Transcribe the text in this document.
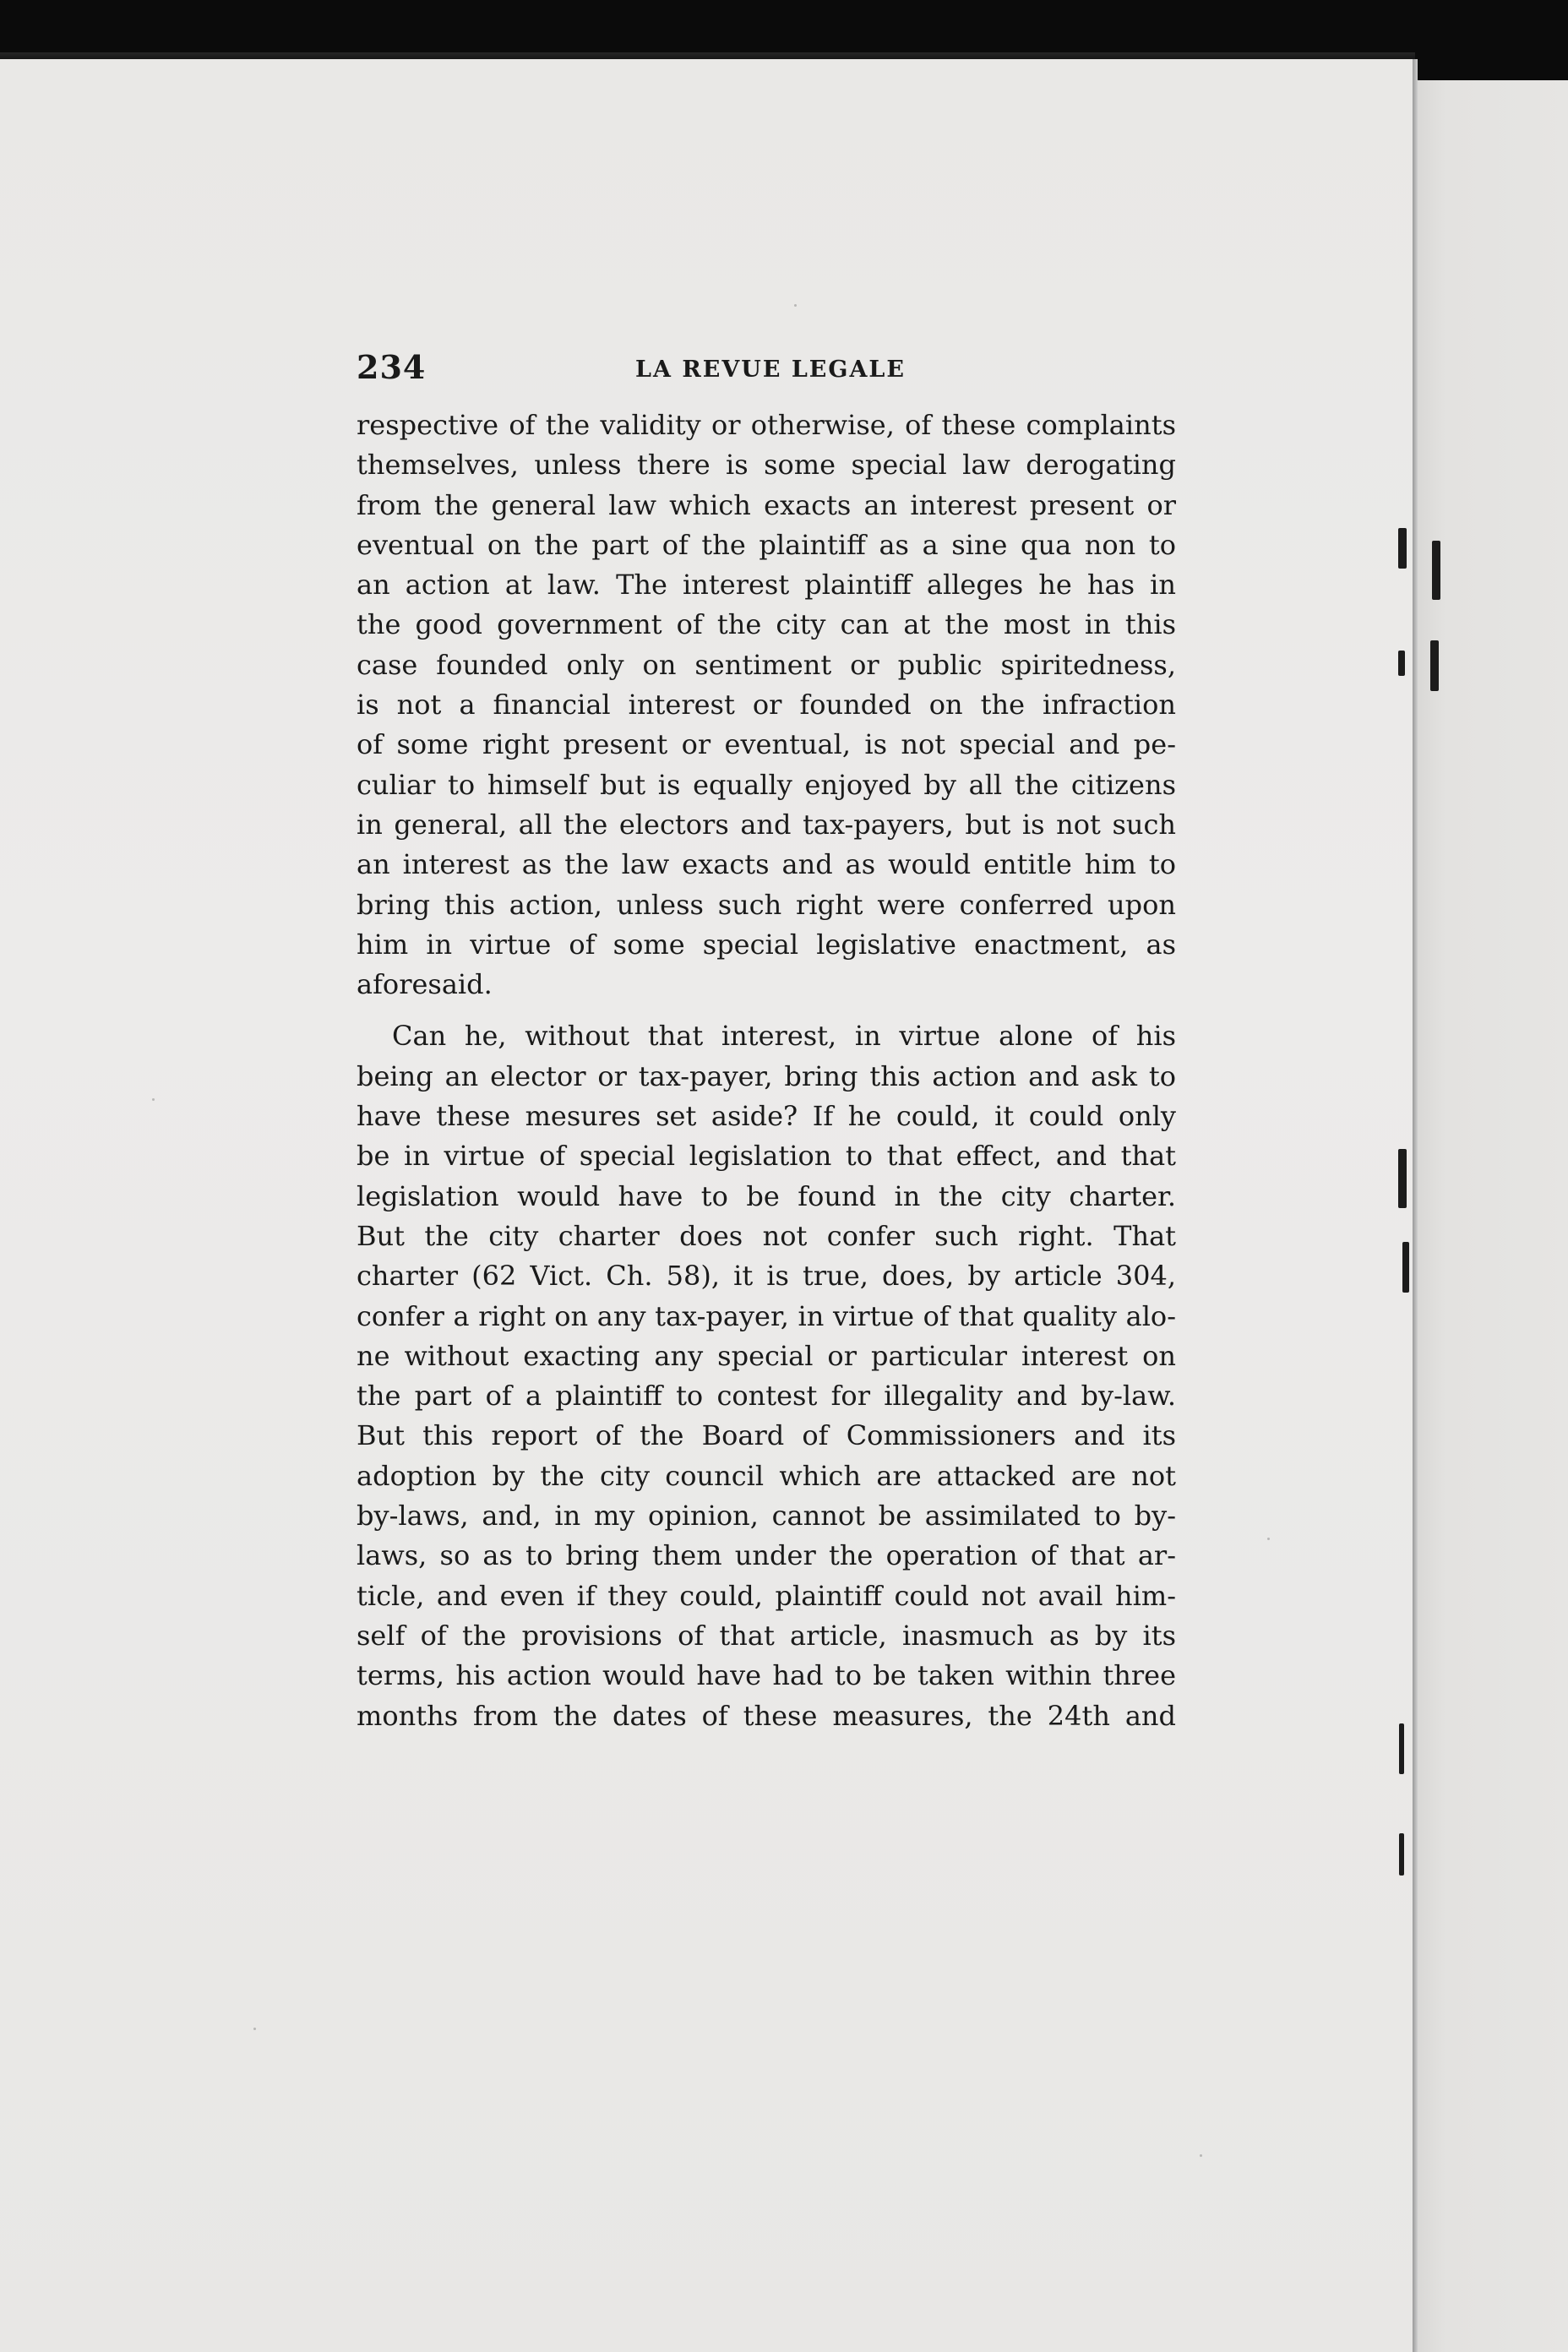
234	LA REVUE LEGALE
respective of the validity or otherwise, of these complaints
themselves, unless there is some special law derogating
from the general law which exacts an interest present or
eventual on the part of the plaintiff as a sine qua non to
an action at law. The interest plaintiff alleges he has in
the good government of the city can at the most in this
case founded only on sentiment or public spiritedness,
is not a financial interest or founded on the infraction
of some right present or eventual, is not special and pe-
culiar to himself but is equally enjoyed by all the citizens
in general, all the electors and tax-payers, but is not such
an interest as the law exacts and as would entitle him to
bring this action, unless such right were conferred upon
him in virtue of some special legislative enactment, as
aforesaid.
Can he, without that interest, in virtue alone of his
being an elector or tax-payer, bring this action and ask to
have these mesures set aside? If he could, it could only
be in virtue of special legislation to that effect, and that
legislation would have to be found in the city charter.
But the city charter does not confer such right. That
charter (62 Vict. Ch. 58), it is true, does, by article 304,
confer a right on any tax-payer, in virtue of that quality alo-
ne without exacting any special or particular interest on
the part of a plaintiff to contest for illegality and by-law.
But this report of the Board of Commissioners and its
adoption by the city council which are attacked are not
by-laws, and, in my opinion, cannot be assimilated to by-
laws, so as to bring them under the operation of that ar-
ticle, and even if they could, plaintiff could not avail him-
self of the provisions of that article, inasmuch as by its
terms, his action would have had to be taken within three
months from the dates of these measures, the 24th and
